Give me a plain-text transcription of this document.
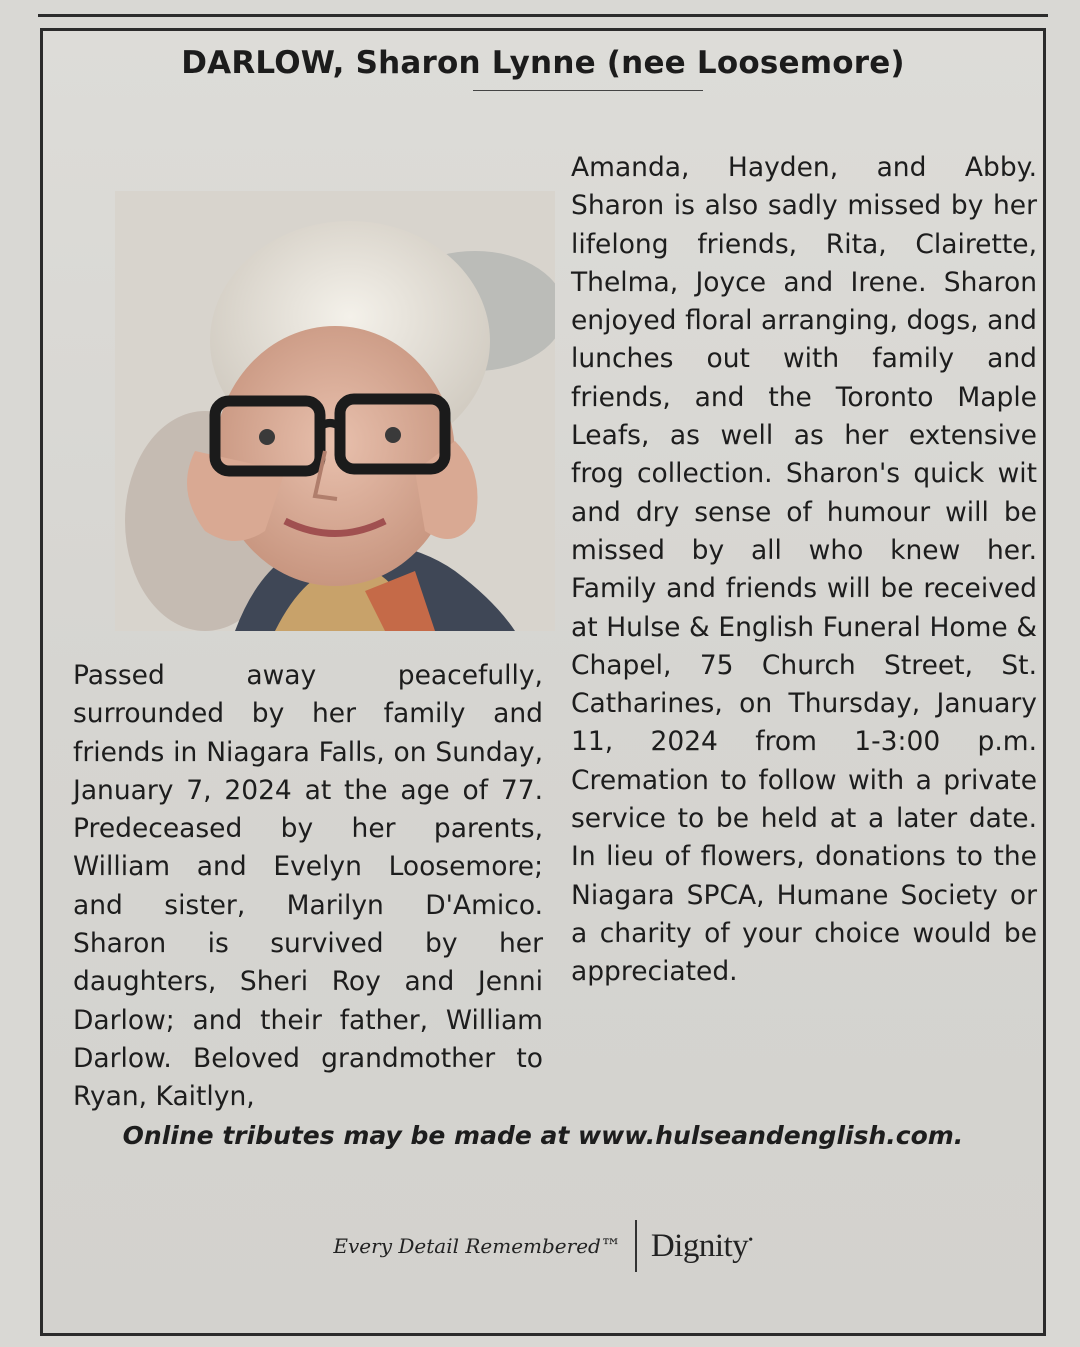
DARLOW, Sharon Lynne (nee Loosemore)
Passed away peacefully, surrounded by her family and friends in Niagara Falls, on Sunday, January 7, 2024 at the age of 77. Predeceased by her parents, William and Evelyn Loosemore; and sister, Marilyn D'Amico. Sharon is survived by her daughters, Sheri Roy and Jenni Darlow; and their father, William Darlow. Beloved grandmother to Ryan, Kaitlyn,
Amanda, Hayden, and Abby. Sharon is also sadly missed by her lifelong friends, Rita, Clairette, Thelma, Joyce and Irene. Sharon enjoyed floral arranging, dogs, and lunches out with family and friends, and the Toronto Maple Leafs, as well as her extensive frog collection. Sharon's quick wit and dry sense of humour will be missed by all who knew her. Family and friends will be received at Hulse & English Funeral Home & Chapel, 75 Church Street, St. Catharines, on Thursday, January 11, 2024 from 1-3:00 p.m. Cremation to follow with a private service to be held at a later date. In lieu of flowers, donations to the Niagara SPCA, Humane Society or a charity of your choice would be appreciated.
Online tributes may be made at www.hulseandenglish.com.
Every Detail Remembered™ Dignity•
